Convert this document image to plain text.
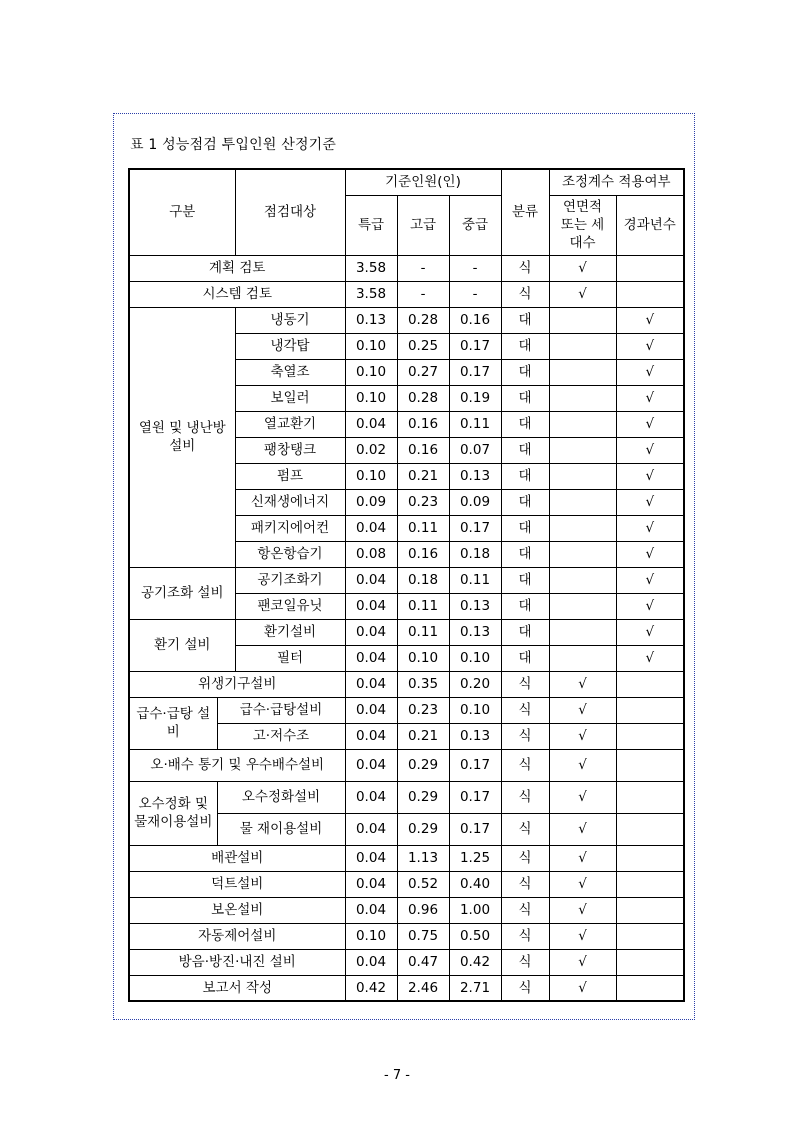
표 1 성능점검 투입인원 산정기준
구분		점검대상	기준인원(인)			분류	조정계수 적용여부	
			특급	고급	중급		연면적 또는 세대수	경과년수

계획 검토			3.58	-	-	식	√	
시스템 검토			3.58	-	-	식	√	
열원 및 냉난방 설비		냉동기	0.13	0.28	0.16	대		√
		냉각탑	0.10	0.25	0.17	대		√
		축열조	0.10	0.27	0.17	대		√
		보일러	0.10	0.28	0.19	대		√
		열교환기	0.04	0.16	0.11	대		√
		팽창탱크	0.02	0.16	0.07	대		√
		펌프	0.10	0.21	0.13	대		√
		신재생에너지	0.09	0.23	0.09	대		√
		패키지에어컨	0.04	0.11	0.17	대		√
		항온항습기	0.08	0.16	0.18	대		√
공기조화 설비		공기조화기	0.04	0.18	0.11	대		√
		팬코일유닛	0.04	0.11	0.13	대		√
환기 설비		환기설비	0.04	0.11	0.13	대		√
		필터	0.04	0.10	0.10	대		√
위생기구설비			0.04	0.35	0.20	식	√	
급수·급탕 설비	급수·급탕설비		0.04	0.23	0.10	식	√	
	고·저수조		0.04	0.21	0.13	식	√	
오·배수 통기 및 우수배수설비			0.04	0.29	0.17	식	√	
오수정화 및 물재이용설비	오수정화설비		0.04	0.29	0.17	식	√	
	물 재이용설비		0.04	0.29	0.17	식	√	
배관설비			0.04	1.13	1.25	식	√	
덕트설비			0.04	0.52	0.40	식	√	
보온설비			0.04	0.96	1.00	식	√	
자동제어설비			0.10	0.75	0.50	식	√	
방음·방진·내진 설비			0.04	0.47	0.42	식	√	
보고서 작성			0.42	2.46	2.71	식	√	
- 7 -
